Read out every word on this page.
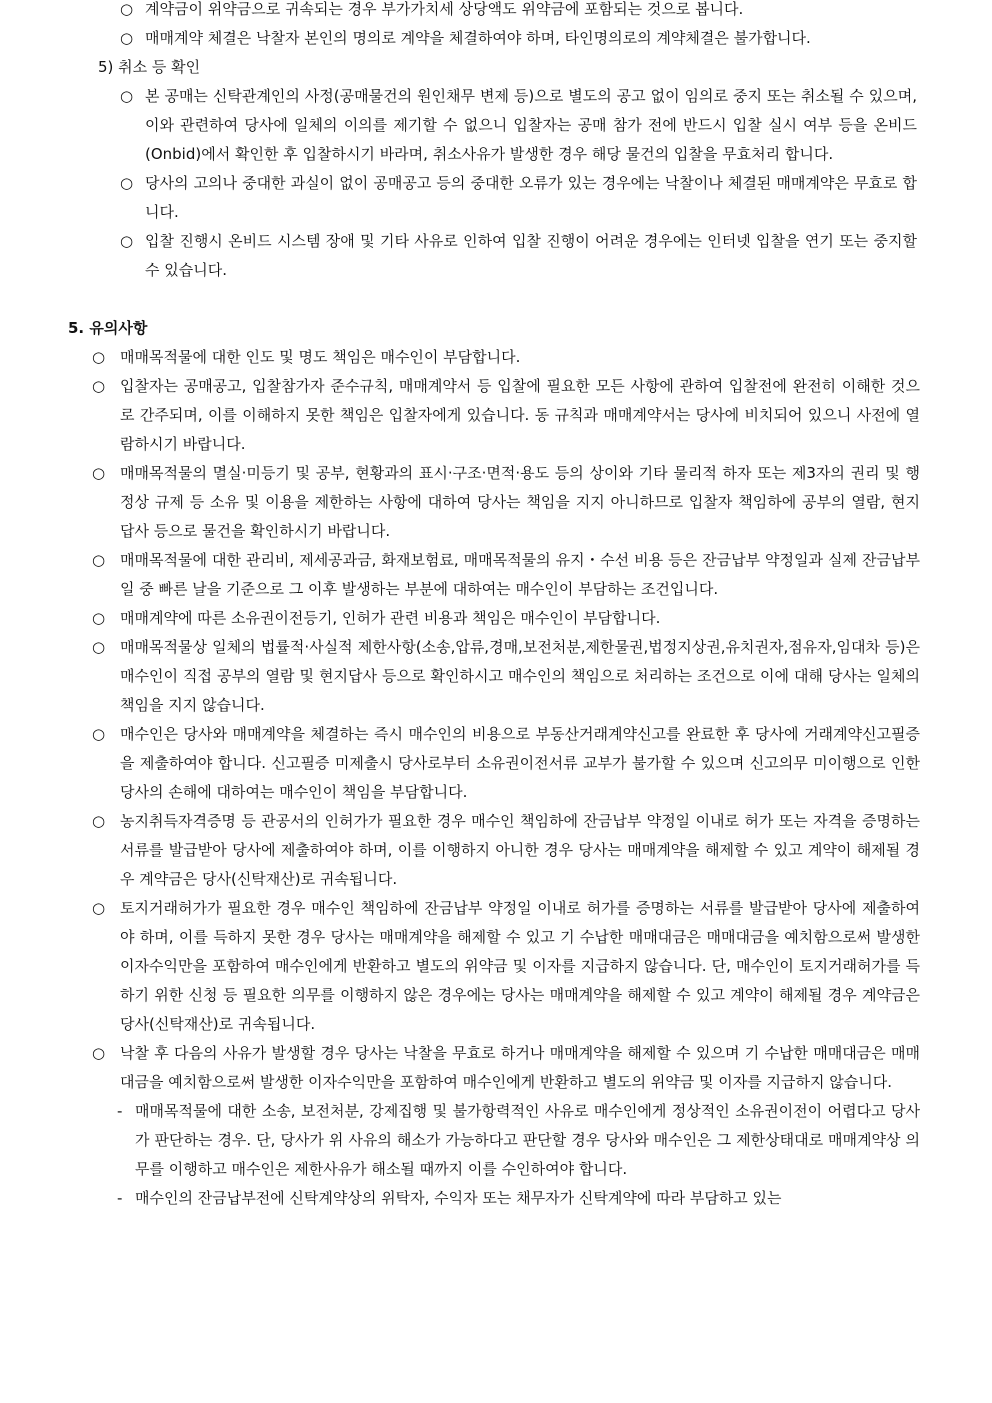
○ 계약금이 위약금으로 귀속되는 경우 부가가치세 상당액도 위약금에 포함되는 것으로 봅니다.
○ 매매계약 체결은 낙찰자 본인의 명의로 계약을 체결하여야 하며, 타인명의로의 계약체결은 불가합니다.
5) 취소 등 확인
○ 본 공매는 신탁관계인의 사정(공매물건의 원인채무 변제 등)으로 별도의 공고 없이 임의로 중지 또는 취소될 수 있으며, 이와 관련하여 당사에 일체의 이의를 제기할 수 없으니 입찰자는 공매 참가 전에 반드시 입찰 실시 여부 등을 온비드(Onbid)에서 확인한 후 입찰하시기 바라며, 취소사유가 발생한 경우 해당 물건의 입찰을 무효처리 합니다.
○ 당사의 고의나 중대한 과실이 없이 공매공고 등의 중대한 오류가 있는 경우에는 낙찰이나 체결된 매매계약은 무효로 합니다.
○ 입찰 진행시 온비드 시스템 장애 및 기타 사유로 인하여 입찰 진행이 어려운 경우에는 인터넷 입찰을 연기 또는 중지할 수 있습니다.
5. 유의사항
○ 매매목적물에 대한 인도 및 명도 책임은 매수인이 부담합니다.
○ 입찰자는 공매공고, 입찰참가자 준수규칙, 매매계약서 등 입찰에 필요한 모든 사항에 관하여 입찰전에 완전히 이해한 것으로 간주되며, 이를 이해하지 못한 책임은 입찰자에게 있습니다. 동 규칙과 매매계약서는 당사에 비치되어 있으니 사전에 열람하시기 바랍니다.
○ 매매목적물의 멸실·미등기 및 공부, 현황과의 표시·구조·면적·용도 등의 상이와 기타 물리적 하자 또는 제3자의 권리 및 행정상 규제 등 소유 및 이용을 제한하는 사항에 대하여 당사는 책임을 지지 아니하므로 입찰자 책임하에 공부의 열람, 현지 답사 등으로 물건을 확인하시기 바랍니다.
○ 매매목적물에 대한 관리비, 제세공과금, 화재보험료, 매매목적물의 유지・수선 비용 등은 잔금납부 약정일과 실제 잔금납부일 중 빠른 날을 기준으로 그 이후 발생하는 부분에 대하여는 매수인이 부담하는 조건입니다.
○ 매매계약에 따른 소유권이전등기, 인허가 관련 비용과 책임은 매수인이 부담합니다.
○ 매매목적물상 일체의 법률적·사실적 제한사항(소송,압류,경매,보전처분,제한물권,법정지상권,유치권자,점유자,임대차 등)은 매수인이 직접 공부의 열람 및 현지답사 등으로 확인하시고 매수인의 책임으로 처리하는 조건으로 이에 대해 당사는 일체의 책임을 지지 않습니다.
○ 매수인은 당사와 매매계약을 체결하는 즉시 매수인의 비용으로 부동산거래계약신고를 완료한 후 당사에 거래계약신고필증을 제출하여야 합니다. 신고필증 미제출시 당사로부터 소유권이전서류 교부가 불가할 수 있으며 신고의무 미이행으로 인한 당사의 손해에 대하여는 매수인이 책임을 부담합니다.
○ 농지취득자격증명 등 관공서의 인허가가 필요한 경우 매수인 책임하에 잔금납부 약정일 이내로 허가 또는 자격을 증명하는 서류를 발급받아 당사에 제출하여야 하며, 이를 이행하지 아니한 경우 당사는 매매계약을 해제할 수 있고 계약이 해제될 경우 계약금은 당사(신탁재산)로 귀속됩니다.
○ 토지거래허가가 필요한 경우 매수인 책임하에 잔금납부 약정일 이내로 허가를 증명하는 서류를 발급받아 당사에 제출하여야 하며, 이를 득하지 못한 경우 당사는 매매계약을 해제할 수 있고 기 수납한 매매대금은 매매대금을 예치함으로써 발생한 이자수익만을 포함하여 매수인에게 반환하고 별도의 위약금 및 이자를 지급하지 않습니다. 단, 매수인이 토지거래허가를 득하기 위한 신청 등 필요한 의무를 이행하지 않은 경우에는 당사는 매매계약을 해제할 수 있고 계약이 해제될 경우 계약금은 당사(신탁재산)로 귀속됩니다.
○ 낙찰 후 다음의 사유가 발생할 경우 당사는 낙찰을 무효로 하거나 매매계약을 해제할 수 있으며 기 수납한 매매대금은 매매대금을 예치함으로써 발생한 이자수익만을 포함하여 매수인에게 반환하고 별도의 위약금 및 이자를 지급하지 않습니다.
- 매매목적물에 대한 소송, 보전처분, 강제집행 및 불가항력적인 사유로 매수인에게 정상적인 소유권이전이 어렵다고 당사가 판단하는 경우. 단, 당사가 위 사유의 해소가 가능하다고 판단할 경우 당사와 매수인은 그 제한상태대로 매매계약상 의무를 이행하고 매수인은 제한사유가 해소될 때까지 이를 수인하여야 합니다.
- 매수인의 잔금납부전에 신탁계약상의 위탁자, 수익자 또는 채무자가 신탁계약에 따라 부담하고 있는
